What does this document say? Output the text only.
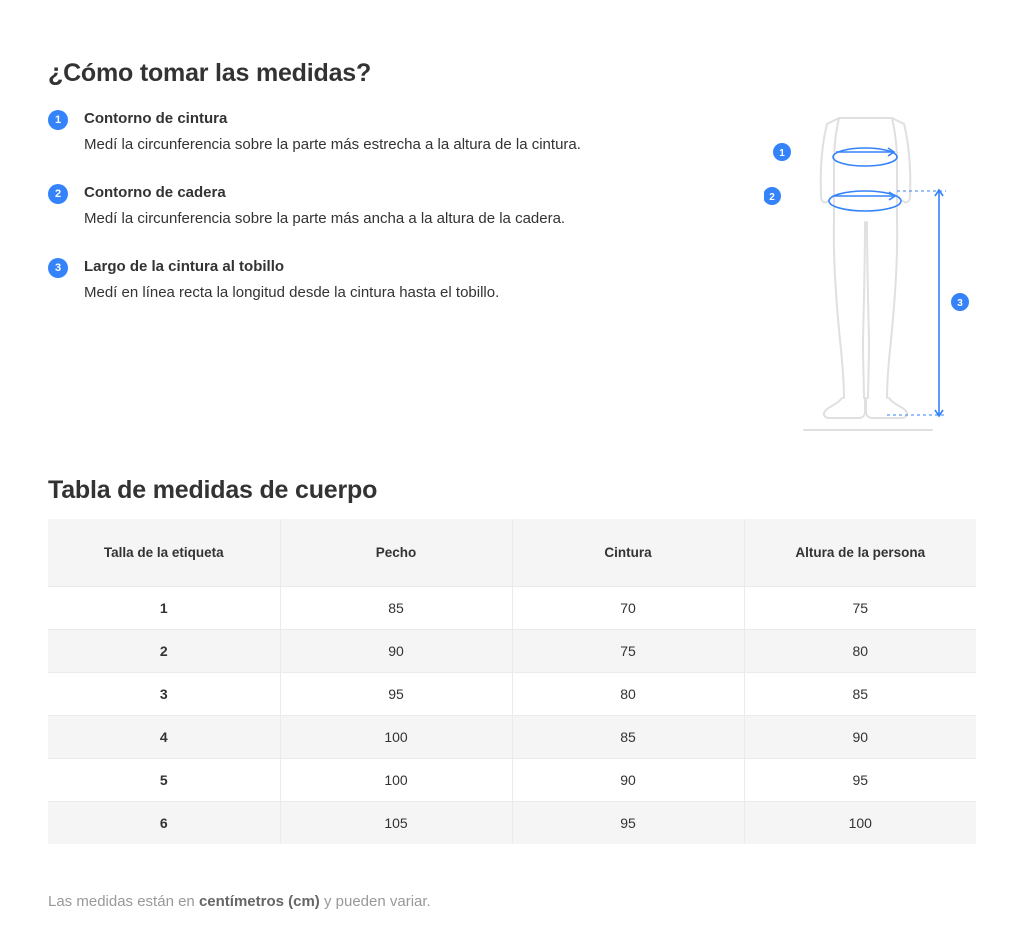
¿Cómo tomar las medidas?
1	Contorno de cintura
Medí la circunferencia sobre la parte más estrecha a la altura de la cintura.
2	Contorno de cadera
Medí la circunferencia sobre la parte más ancha a la altura de la cadera.
3	Largo de la cintura al tobillo
Medí en línea recta la longitud desde la cintura hasta el tobillo.
1
2
3
Tabla de medidas de cuerpo
Talla de la etiqueta	Pecho	Cintura	Altura de la persona
1	85	70	75
2	90	75	80
3	95	80	85
4	100	85	90
5	100	90	95
6	105	95	100

Las medidas están en centímetros (cm) y pueden variar.
